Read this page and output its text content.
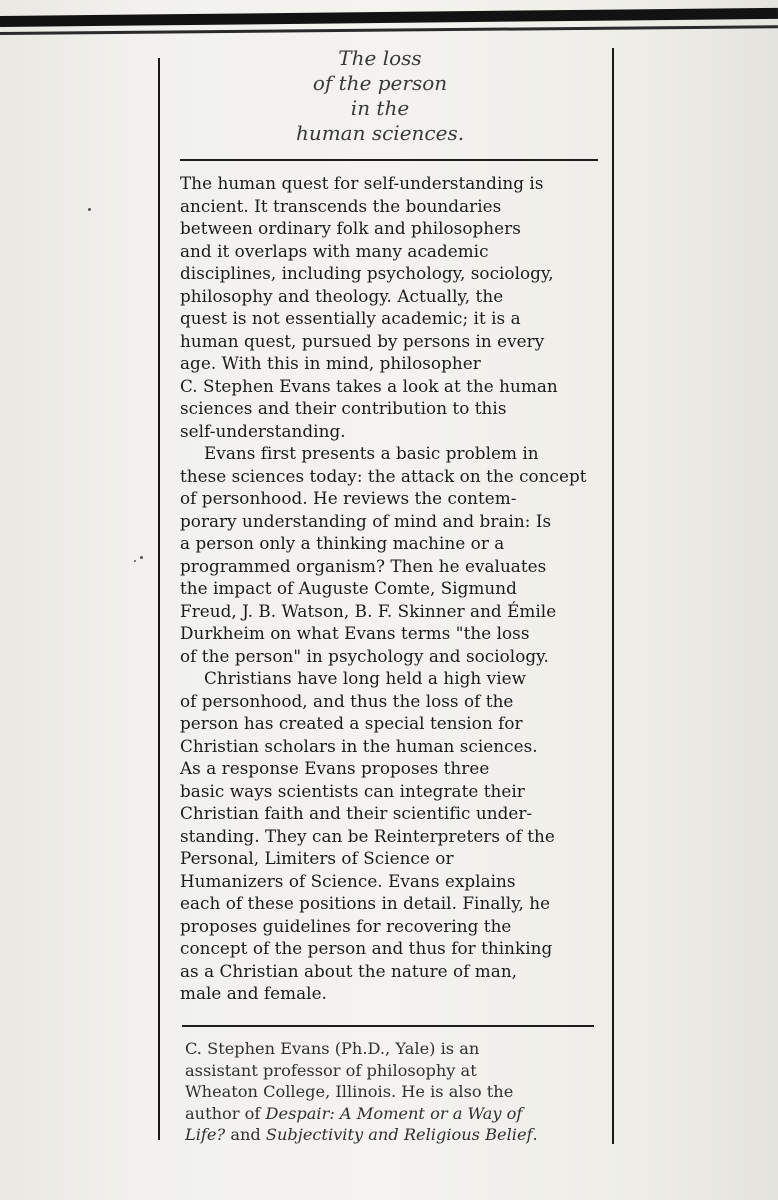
The loss
of the person
in the
human sciences.
The human quest for self-understanding is
ancient. It transcends the boundaries
between ordinary folk and philosophers
and it overlaps with many academic
disciplines, including psychology, sociology,
philosophy and theology. Actually, the
quest is not essentially academic; it is a
human quest, pursued by persons in every
age. With this in mind, philosopher
C. Stephen Evans takes a look at the human
sciences and their contribution to this
self-understanding.
Evans first presents a basic problem in
these sciences today: the attack on the concept
of personhood. He reviews the contem-
porary understanding of mind and brain: Is
a person only a thinking machine or a
programmed organism? Then he evaluates
the impact of Auguste Comte, Sigmund
Freud, J. B. Watson, B. F. Skinner and Émile
Durkheim on what Evans terms "the loss
of the person" in psychology and sociology.
Christians have long held a high view
of personhood, and thus the loss of the
person has created a special tension for
Christian scholars in the human sciences.
As a response Evans proposes three
basic ways scientists can integrate their
Christian faith and their scientific under-
standing. They can be Reinterpreters of the
Personal, Limiters of Science or
Humanizers of Science. Evans explains
each of these positions in detail. Finally, he
proposes guidelines for recovering the
concept of the person and thus for thinking
as a Christian about the nature of man,
male and female.
C. Stephen Evans (Ph.D., Yale) is an
assistant professor of philosophy at
Wheaton College, Illinois. He is also the
author of Despair: A Moment or a Way of
Life? and Subjectivity and Religious Belief.
